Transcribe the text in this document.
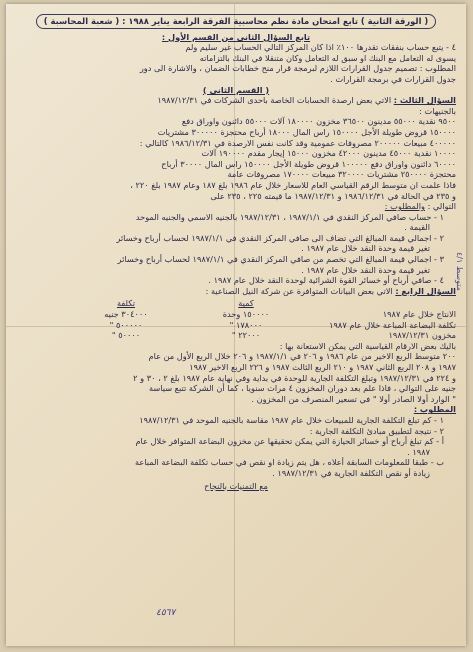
( الورقة الثانية ) تابع امتحان مادة نظم محاسبية الفرقة الرابعة يناير ١٩٨٨ : ( شعبة المحاسبة )
تابع السؤال الثاني من القسم الأول :
٤ - يتبع حساب بنفقات تقدرها ١٠٠٪ اذا كان المركز التالي الحساب غير سليم ولم
يسوى له التعامل مع البنك او سبق له التعامل وكان متنقلا في البنك بالتزاماته
المطلوب : تصميم جدول القرارات اللازم لبرمجة قرار منح خطابات الضمان ، والاشارة الى دور
جدول القرارات في برمجة القرارات .
( القسم الثاني )
السؤال الثالث : الاتي بعض ارصدة الحسابات الخاصة باحدى الشركات في ١٩٨٧/١٢/٣١
بالجنيهات :
٩٥٠٠ نقدية ٥٥٠٠٠ مدينون ٣٦٥٠٠ مخزون ١٨٠٠٠٠ آلات ٥٥٠٠٠ دائنون واوراق دفع
١٥٠٠٠٠ قروض طويلة الأجل ١٥٠٠٠٠ راس المال ١٨٠٠٠ أرباح محتجزة ٣٠٠٠٠٠ مشتريات
٤٠٠٠٠٠ مبيعات ٢٠٠٠٠٠ مصروفات عمومية وقد كانت نفس الارصدة في ١٩٨٦/١٢/٣١ كالتالي :
١٠٠٠٠ نقدية ٤٥٠٠٠ مدينون ٤٢٠٠٠ مخزون ١٥٠٠٠ إيجار مقدم ١٩٠٠٠٠ آلات
٦٠٠٠٠ دائنون واوراق دفع ١٠٠٠٠٠ قروض طويلة الأجل ١٥٠٠٠٠ راس المال ٣٠٠٠٠ أرباح
محتجزة ٢٥٠٠٠٠ مشتريات ٣٢٠٠٠٠ مبيعات ١٧٠٠٠٠ مصروفات عامة
فاذا علمت ان متوسط الرقم القياسي العام للاسعار خلال عام ١٩٨٦ بلغ ١٨٧ وعام ١٩٨٧ بلغ ٢٢٠ ،
و ٢٣٥ في الحالة في ١٩٨٦/١٢/٣١ و ١٩٨٧/١٢/٣١ ما قيمته ٢٢٥ ، ٢٣٥ على
التوالي : والمطلوب :
١ - حساب صافي المركز النقدي في ١٩٨٧/١/١ ، ١٩٨٧/١٢/٣١ بالجنيه الاسمي والجنيه الموحد
القيمة .
٢ - اجمالي قيمة المبالغ التي تضاف الى صافي المركز النقدي في ١٩٨٧/١/١ لحساب أرباح وخسائر
تغير قيمة وحدة النقد خلال عام ١٩٨٧ .
٣ - اجمالي قيمة المبالغ التي تخصم من صافي المركز النقدي في ١٩٨٧/١/١ لحساب أرباح وخسائر
تغير قيمة وحدة النقد خلال عام ١٩٨٧ .
٤ - صافي أرباح أو خسائر القوة الشرائية لوحدة النقد خلال عام ١٩٨٧ .
السؤال الرابع : الاتي بعض البيانات المتوافرة عن شركة النيل الصناعية :
كمية
تكلفة
الانتاج خلال عام ١٩٨٧
١٥٠٠٠٠ وحدة
٣٠٤٠٠٠ جنيه
تكلفة البضاعة المباعة خلال عام ١٩٨٧
١٧٨٠٠٠ "
٥٠٠٠٠٠ "
مخزون ١٩٨٧/١٢/٣١
٢٢٠٠٠ "
٥٠٠٠٠ "
باليك بعض الارقام القياسية التي يمكن الاستعانة بها :
٢٠٠ متوسط الربع الاخير من عام ١٩٨٦ و ٢٠٦ في ١٩٨٧/١/١ و ٢٠٦ خلال الربع الأول من عام
١٩٨٧ و ٢٠٨ الربع الثاني ١٩٨٧ و ٢١٠ الربع الثالث ١٩٨٧ و ٢٢٦ الربع الاخير ١٩٨٧
و ٢٢٤ في ١٩٨٧/١٢/٣١ وتبلغ التكلفة الجارية للوحدة في بداية وفي نهاية عام ١٩٨٧ بلغ ٢ ، ٣٠ و ٢
جنيه على التوالي ، فاذا علم بعد دوران المخزون ٤ مرات سنويا ، كما أن الشركة تتبع سياسة
" الوارد أولا الصادر أولا " في تسعير المنصرف من المخزون .
المطلوب :
١ - كم تبلغ التكلفة الجارية للمبيعات خلال عام ١٩٨٧ مقاسة بالجنيه الموحد في ١٩٨٧/١٢/٣١
٢ - نتيجة لتطبيق مبادئ التكلفة الجارية :
أ - كم تبلغ أرباح أو خسائر الحيازة التي يمكن تحقيقها عن مخزون البضاعة المتوافر خلال عام
١٩٨٧ .
ب - طبقا للمعلومات السابقة أعلاه ، هل يتم زيادة او نقص في حساب تكلفة البضاعة المباعة
زيادة أو نقص التكلفة الجارية في ١٩٨٧/١٢/٣١ .
مع التمنيات بالنجاح
متوسط ٤/١
٤٥٦٧
